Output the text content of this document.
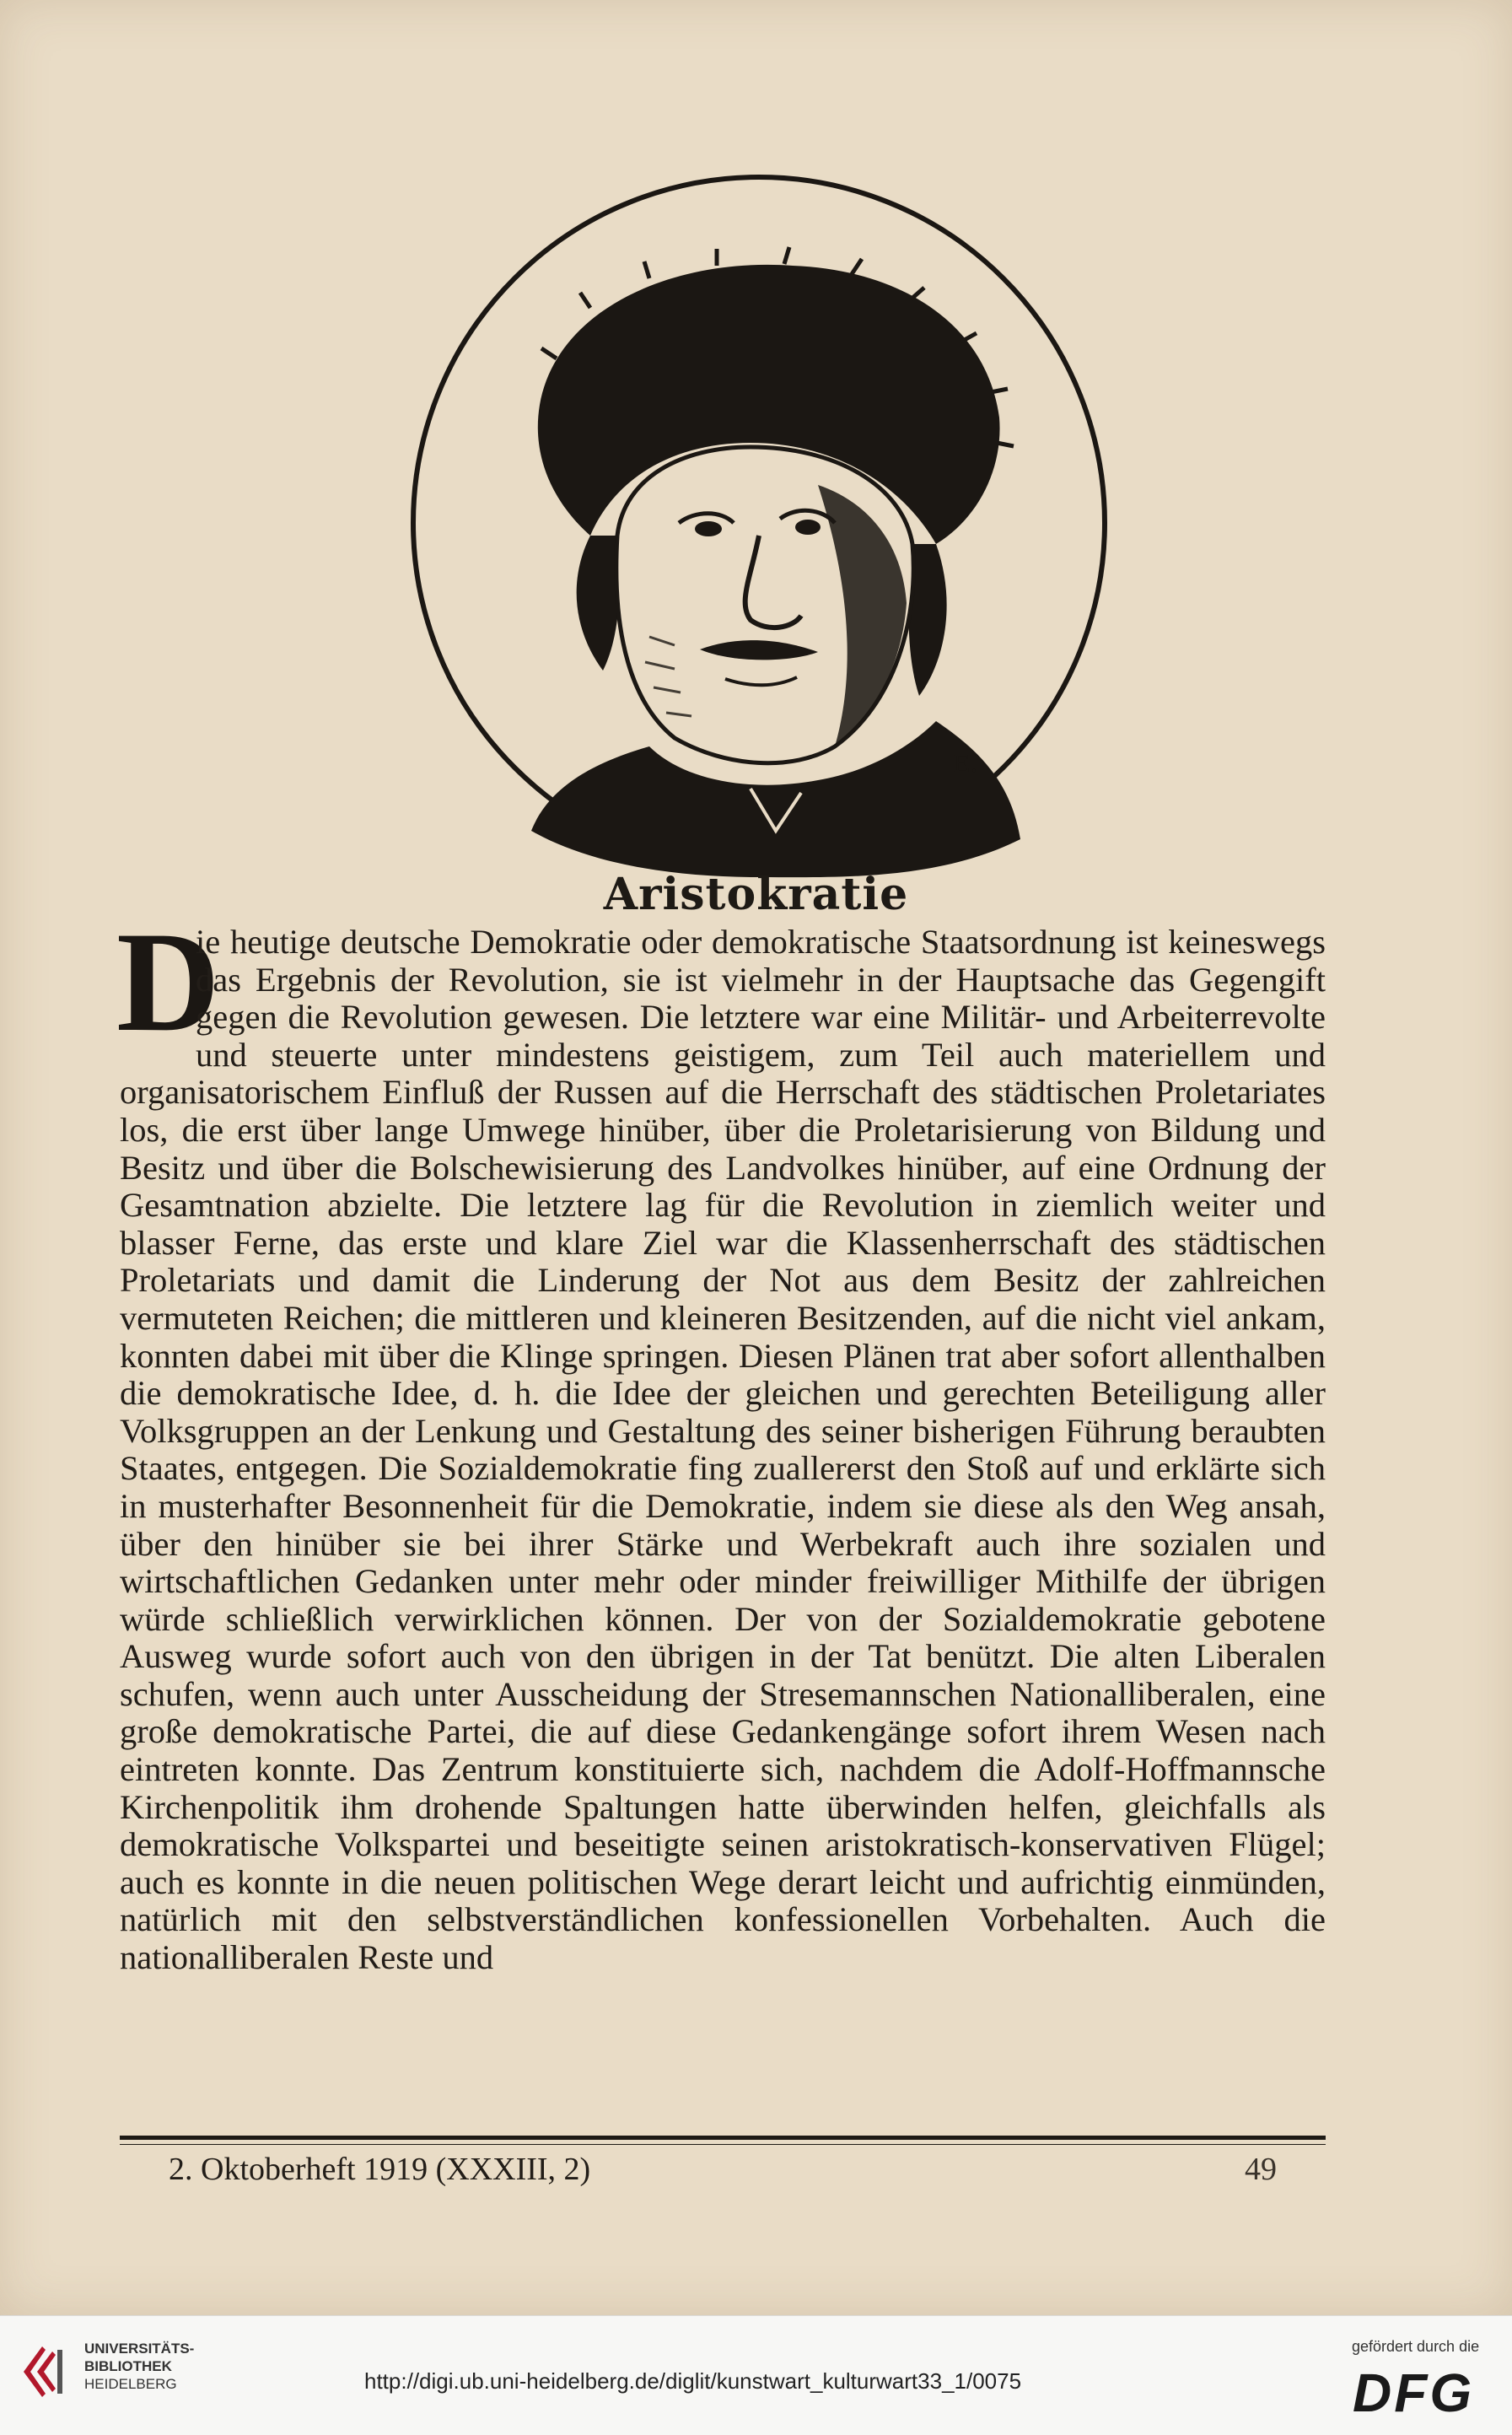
E.
Aristokratie

D
ie heutige deutsche Demokratie oder demokratische Staatsordnung ist keineswegs das Ergebnis der Revolution, sie ist vielmehr in der Hauptsache das Gegengift gegen die Revolution gewesen. Die letztere war eine Militär- und Arbeiterrevolte und steuerte unter mindestens geistigem, zum Teil auch materiellem und organisatorischem Einfluß der Russen auf die Herrschaft des städtischen Proletariates los, die erst über lange Umwege hinüber, über die Proletarisierung von Bildung und Besitz und über die Bolschewisierung des Landvolkes hinüber, auf eine Ordnung der Gesamtnation abzielte. Die letztere lag für die Revolution in ziemlich weiter und blasser Ferne, das erste und klare Ziel war die Klassenherrschaft des städtischen Proletariats und damit die Linderung der Not aus dem Besitz der zahlreichen vermuteten Reichen; die mittleren und kleineren Besitzenden, auf die nicht viel ankam, konnten dabei mit über die Klinge springen. Diesen Plänen trat aber sofort allenthalben die demokratische Idee, d. h. die Idee der gleichen und gerechten Beteiligung aller Volksgruppen an der Lenkung und Gestaltung des seiner bisherigen Führung beraubten Staates, entgegen. Die Sozialdemokratie fing zuallererst den Stoß auf und erklärte sich in musterhafter Besonnenheit für die Demokratie, indem sie diese als den Weg ansah, über den hinüber sie bei ihrer Stärke und Werbekraft auch ihre sozialen und wirtschaftlichen Gedanken unter mehr oder minder freiwilliger Mithilfe der übrigen würde schließlich verwirklichen können. Der von der Sozialdemokratie gebotene Ausweg wurde sofort auch von den übrigen in der Tat benützt. Die alten Liberalen schufen, wenn auch unter Ausscheidung der Stresemannschen Nationalliberalen, eine große demokratische Partei, die auf diese Gedankengänge sofort ihrem Wesen nach eintreten konnte. Das Zentrum konstituierte sich, nachdem die Adolf-Hoffmannsche Kirchenpolitik ihm drohende Spaltungen hatte überwinden helfen, gleichfalls als demokratische Volkspartei und beseitigte seinen aristokratisch-konservativen Flügel; auch es konnte in die neuen politischen Wege derart leicht und aufrichtig einmünden, natürlich mit den selbstverständlichen konfessionellen Vorbehalten. Auch die nationalliberalen Reste und

2. Oktoberheft 1919 (XXXIII, 2)	49
UNIVERSITÄTS-
BIBLIOTHEK
HEIDELBERG	http://digi.ub.uni-heidelberg.de/diglit/kunstwart_kulturwart33_1/0075
gefördert durch die
DFG
